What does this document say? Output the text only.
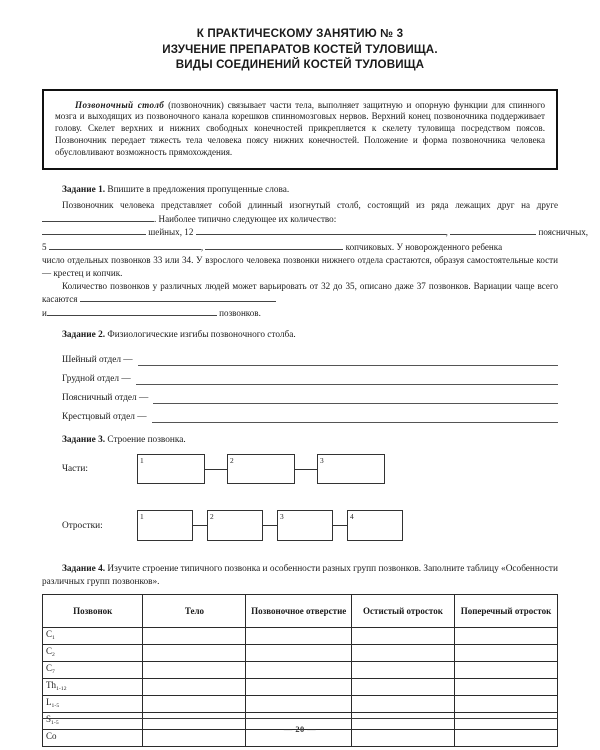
К ПРАКТИЧЕСКОМУ ЗАНЯТИЮ № 3
ИЗУЧЕНИЕ ПРЕПАРАТОВ КОСТЕЙ ТУЛОВИЩА.
ВИДЫ СОЕДИНЕНИЙ КОСТЕЙ ТУЛОВИЩА

Позвоночный столб (позвоночник) связывает части тела, выполняет защитную и опорную функции для спинного мозга и выходящих из позвоночного канала корешков спинномозговых нервов. Верхний конец позвоночника поддерживает голову. Скелет верхних и нижних свободных конечностей прикрепляется к скелету туловища посредством поясов. Позвоночник передает тяжесть тела человека поясу нижних конечностей. Положение и форма позвоночника человека обусловливают возможность прямохождения.

Задание 1. Впишите в предложения пропущенные слова.

Позвоночник человека представляет собой длинный изогнутый столб, состоящий из ряда лежащих друг на друге . Наиболее типично следующее их количество:

шейных, 12	,	поясничных,
5	,	копчиковых. У новорожденного ребенка

число отдельных позвонков 33 или 34. У взрослого человека позвонки нижнего отдела срастаются, образуя самостоятельные кости — крестец и копчик.

Количество позвонков у различных людей может варьировать от 32 до 35, описано даже 37 позвонков. Вариации чаще всего касаются

и	позвонков.

Задание 2. Физиологические изгибы позвоночного столба.

Шейный отдел —
Грудной отдел —
Поясничный отдел —
Крестцовый отдел —

Задание 3. Строение позвонка.

Части:
1	2	3
Отростки:
1	2	3	4

Задание 4. Изучите строение типичного позвонка и особенности разных групп позвонков. Заполните таблицу «Особенности различных групп позвонков».

Позвонок	Тело	Позвоночное отверстие	Остистый отросток	Поперечный отросток
$C_1$				
$C_2$				
$C_7$				
$Th_{1-12}$				
$L_{1-5}$				
$S_{1-5}$				
Co				
— 20 —
